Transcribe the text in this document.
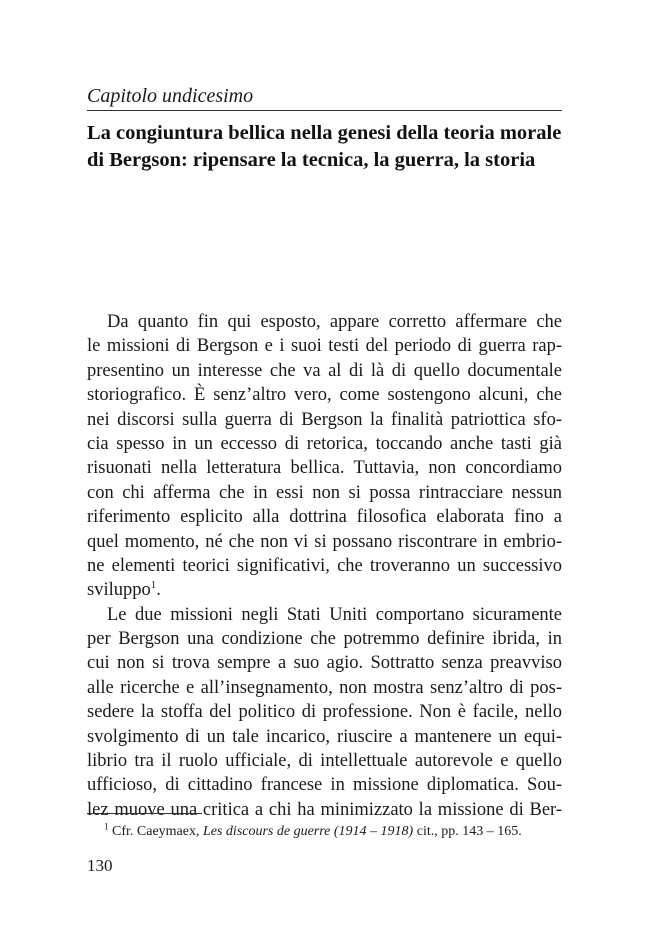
Capitolo undicesimo
La congiuntura bellica nella genesi della teoria morale
di Bergson: ripensare la tecnica, la guerra, la storia
Da quanto fin qui esposto, appare corretto affermare che
le missioni di Bergson e i suoi testi del periodo di guerra rap-
presentino un interesse che va al di là di quello documentale
storiografico. È senz’altro vero, come sostengono alcuni, che
nei discorsi sulla guerra di Bergson la finalità patriottica sfo-
cia spesso in un eccesso di retorica, toccando anche tasti già
risuonati nella letteratura bellica. Tuttavia, non concordiamo
con chi afferma che in essi non si possa rintracciare nessun
riferimento esplicito alla dottrina filosofica elaborata fino a
quel momento, né che non vi si possano riscontrare in embrio-
ne elementi teorici significativi, che troveranno un successivo
sviluppo$^1$.
Le due missioni negli Stati Uniti comportano sicuramente
per Bergson una condizione che potremmo definire ibrida, in
cui non si trova sempre a suo agio. Sottratto senza preavviso
alle ricerche e all’insegnamento, non mostra senz’altro di pos-
sedere la stoffa del politico di professione. Non è facile, nello
svolgimento di un tale incarico, riuscire a mantenere un equi-
librio tra il ruolo ufficiale, di intellettuale autorevole e quello
ufficioso, di cittadino francese in missione diplomatica. Sou-
lez muove una critica a chi ha minimizzato la missione di Ber-
$^1$ Cfr. Caeymaex, Les discours de guerre (1914 – 1918) cit., pp. 143 – 165.
130
